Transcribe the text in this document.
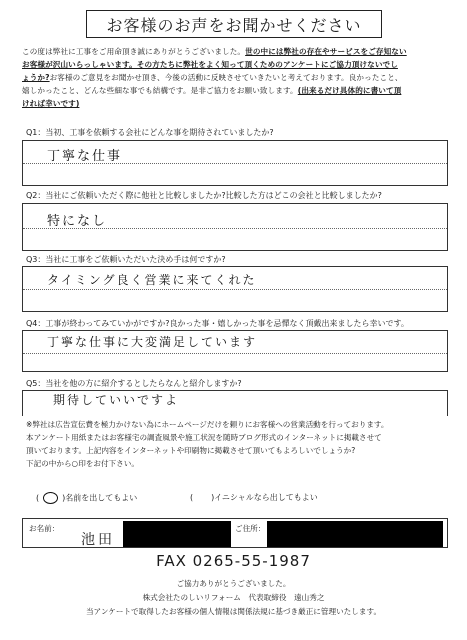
お客様のお声をお聞かせください
この度は弊社に工事をご用命頂き誠にありがとうございました。世の中には弊社の存在やサービスをご存知ない
お客様が沢山いらっしゃいます。その方たちに弊社をよく知って頂くためのアンケートにご協力頂けないでし
ょうか?お客様のご意見をお聞かせ頂き、今後の活動に反映させていきたいと考えております。良かったこと、
嬉しかったこと、どんな些細な事でも結構です。是非ご協力をお願い致します。(出来るだけ具体的に書いて頂
ければ幸いです)
Q1：当初、工事を依頼する会社にどんな事を期待されていましたか?
丁寧な仕事
Q2：当社にご依頼いただく際に他社と比較しましたか?比較した方はどこの会社と比較しましたか?
特になし
Q3：当社に工事をご依頼いただいた決め手は何ですか?
タイミング良く営業に来てくれた
Q4：工事が終わってみていかがですか?良かった事・嬉しかった事を忌憚なく頂戴出来ましたら幸いです。
丁寧な仕事に大変満足しています
Q5：当社を他の方に紹介するとしたらなんと紹介しますか?
期待していいですよ
※弊社は広告宣伝費を極力かけない為にホームページだけを頼りにお客様への営業活動を行っております。
本アンケート用紙またはお客様宅の調査風景や施工状況を随時ブログ形式のインターネットに掲載させて
頂いております。上記内容をインターネットや印刷物に掲載させて頂いてもよろしいでしょうか?
下記の中から○印をお付下さい。
( ○ )名前を出してもよい	( )イニシャルなら出してもよい
お名前：
池田
ご住所：
FAX 0265-55-1987
ご協力ありがとうございました。
株式会社たのしいリフォーム　代表取締役　遠山秀之
当アンケートで取得したお客様の個人情報は関係法規に基づき厳正に管理いたします。
